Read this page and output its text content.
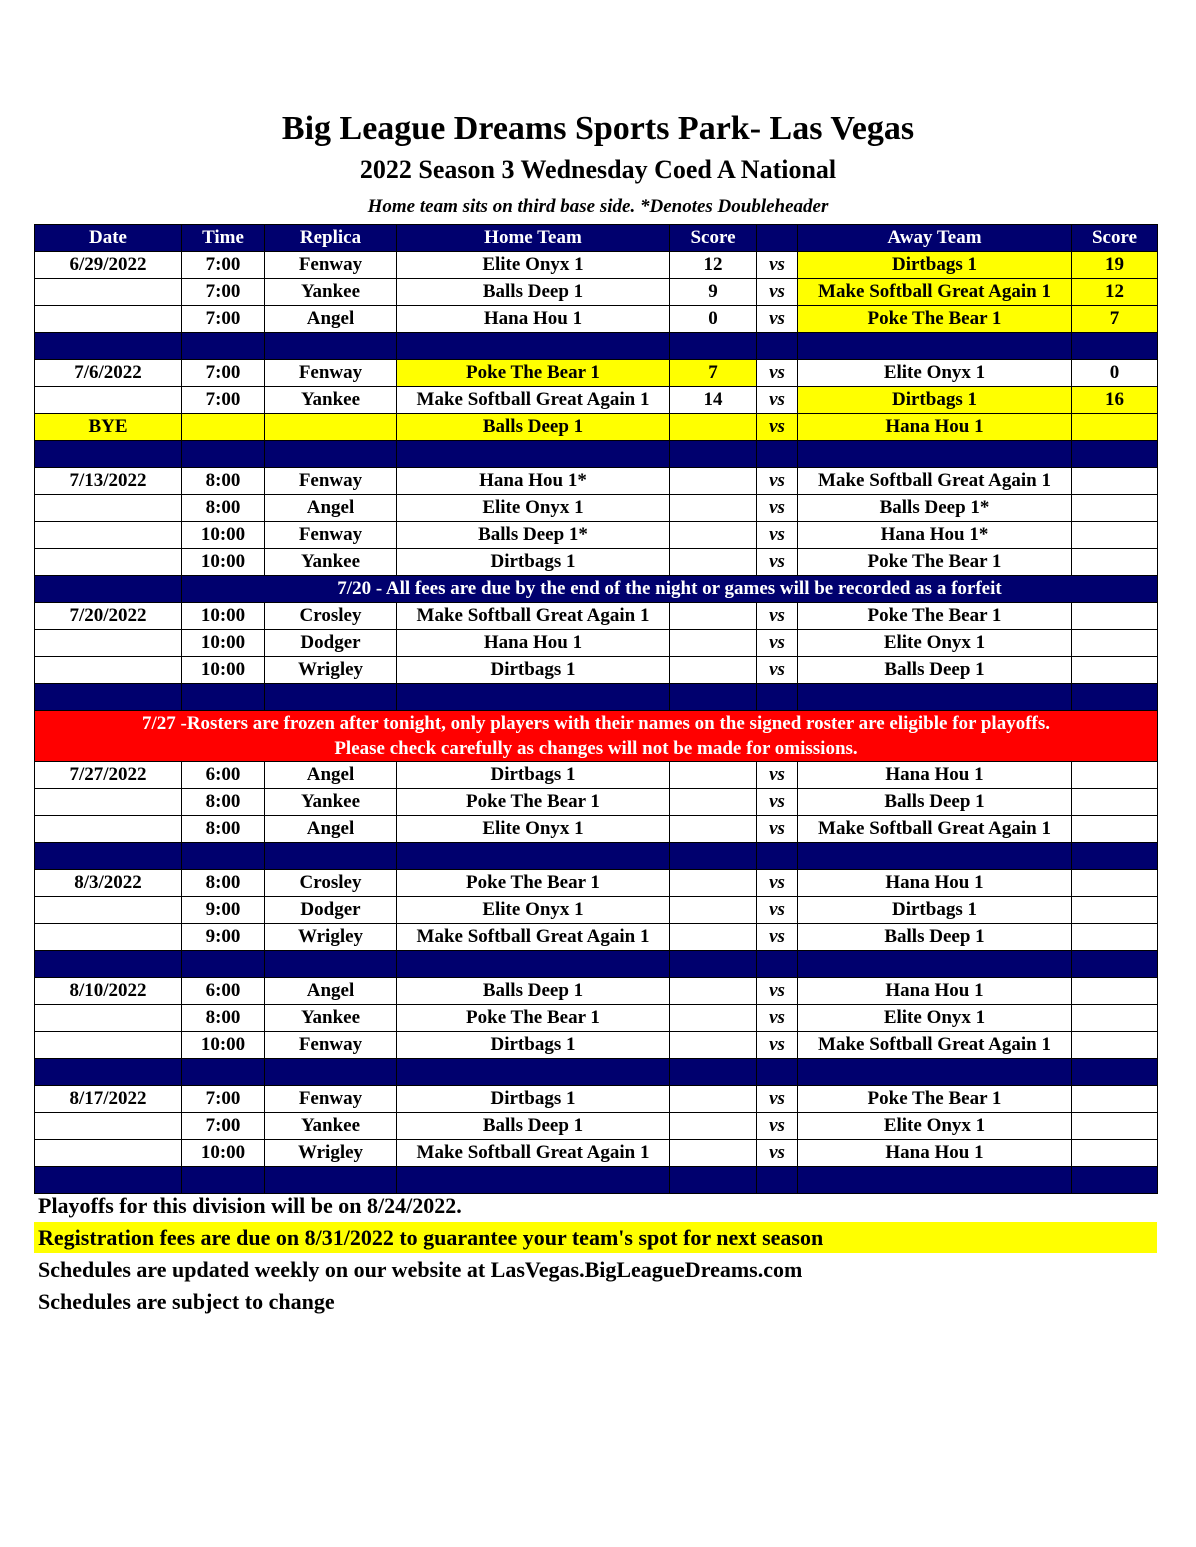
Big League Dreams Sports Park- Las Vegas
2022 Season 3 Wednesday Coed A National
Home team sits on third base side. *Denotes Doubleheader
Date	Time	Replica	Home Team	Score		Away Team	Score
6/29/2022	7:00	Fenway	Elite Onyx 1	12	vs	Dirtbags 1	19
	7:00	Yankee	Balls Deep 1	9	vs	Make Softball Great Again 1	12
	7:00	Angel	Hana Hou 1	0	vs	Poke The Bear 1	7

7/6/2022	7:00	Fenway	Poke The Bear 1	7	vs	Elite Onyx 1	0
	7:00	Yankee	Make Softball Great Again 1	14	vs	Dirtbags 1	16
BYE			Balls Deep 1		vs	Hana Hou 1	

7/13/2022	8:00	Fenway	Hana Hou 1*		vs	Make Softball Great Again 1	
	8:00	Angel	Elite Onyx 1		vs	Balls Deep 1*	
	10:00	Fenway	Balls Deep 1*		vs	Hana Hou 1*	
	10:00	Yankee	Dirtbags 1		vs	Poke The Bear 1	
	7/20 - All fees are due by the end of the night or games will be recorded as a forfeit						
7/20/2022	10:00	Crosley	Make Softball Great Again 1		vs	Poke The Bear 1	
	10:00	Dodger	Hana Hou 1		vs	Elite Onyx 1	
	10:00	Wrigley	Dirtbags 1		vs	Balls Deep 1	

7/27 -Rosters are frozen after tonight, only players with their names on the signed roster are eligible for playoffs.
Please check carefully as changes will not be made for omissions.							

7/27/2022	6:00	Angel	Dirtbags 1		vs	Hana Hou 1	
	8:00	Yankee	Poke The Bear 1		vs	Balls Deep 1	
	8:00	Angel	Elite Onyx 1		vs	Make Softball Great Again 1	

8/3/2022	8:00	Crosley	Poke The Bear 1		vs	Hana Hou 1	
	9:00	Dodger	Elite Onyx 1		vs	Dirtbags 1	
	9:00	Wrigley	Make Softball Great Again 1		vs	Balls Deep 1	

8/10/2022	6:00	Angel	Balls Deep 1		vs	Hana Hou 1	
	8:00	Yankee	Poke The Bear 1		vs	Elite Onyx 1	
	10:00	Fenway	Dirtbags 1		vs	Make Softball Great Again 1	

8/17/2022	7:00	Fenway	Dirtbags 1		vs	Poke The Bear 1	
	7:00	Yankee	Balls Deep 1		vs	Elite Onyx 1	
	10:00	Wrigley	Make Softball Great Again 1		vs	Hana Hou 1	

Playoffs for this division will be on 8/24/2022.
Registration fees are due on 8/31/2022 to guarantee your team's spot for next season
Schedules are updated weekly on our website at LasVegas.BigLeagueDreams.com
Schedules are subject to change
